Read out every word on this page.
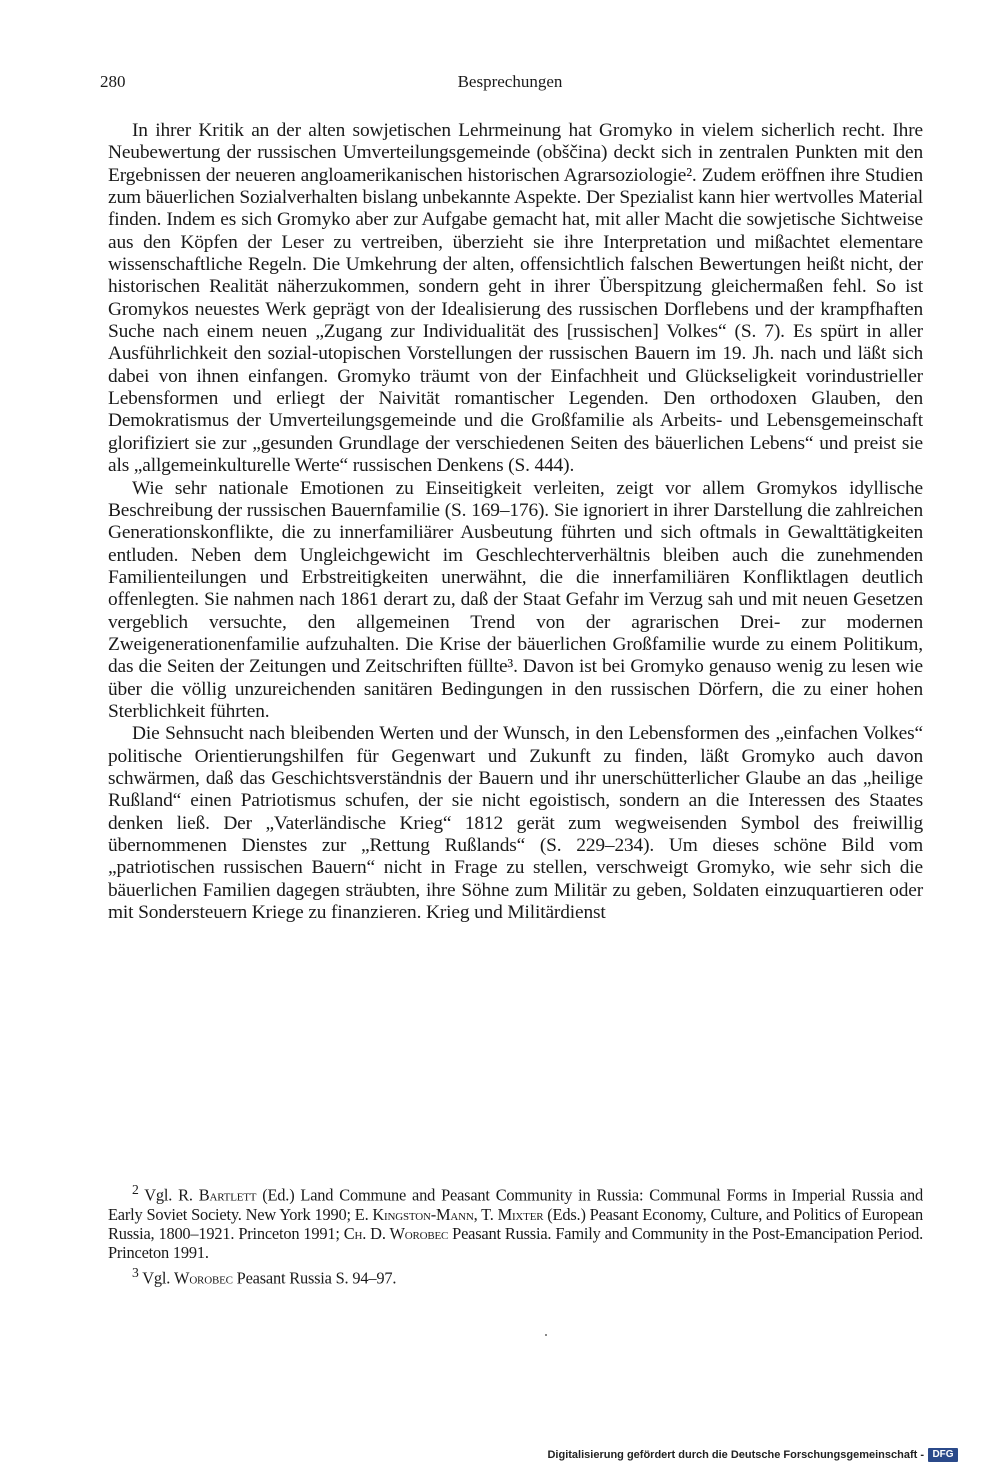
280	Besprechungen

In ihrer Kritik an der alten sowjetischen Lehrmeinung hat Gromyko in vielem sicherlich recht. Ihre Neubewertung der russischen Umverteilungsgemeinde (obščina) deckt sich in zentralen Punkten mit den Ergebnissen der neueren angloamerikanischen historischen Agrarsoziologie². Zudem eröffnen ihre Studien zum bäuerlichen Sozialverhalten bislang unbekannte Aspekte. Der Spezialist kann hier wertvolles Material finden. Indem es sich Gromyko aber zur Aufgabe gemacht hat, mit aller Macht die sowjetische Sichtweise aus den Köpfen der Leser zu vertreiben, überzieht sie ihre Interpretation und mißachtet elementare wissenschaftliche Regeln. Die Umkehrung der alten, offensichtlich falschen Bewertungen heißt nicht, der historischen Realität näherzukommen, sondern geht in ihrer Überspitzung gleichermaßen fehl. So ist Gromykos neuestes Werk geprägt von der Idealisierung des russischen Dorflebens und der krampfhaften Suche nach einem neuen „Zugang zur Individualität des [russischen] Volkes“ (S. 7). Es spürt in aller Ausführlichkeit den sozial-utopischen Vorstellungen der russischen Bauern im 19. Jh. nach und läßt sich dabei von ihnen einfangen. Gromyko träumt von der Einfachheit und Glückseligkeit vorindustrieller Lebensformen und erliegt der Naivität romantischer Legenden. Den orthodoxen Glauben, den Demokratismus der Umverteilungsgemeinde und die Großfamilie als Arbeits- und Lebensgemeinschaft glorifiziert sie zur „gesunden Grundlage der verschiedenen Seiten des bäuerlichen Lebens“ und preist sie als „allgemeinkulturelle Werte“ russischen Denkens (S. 444).

Wie sehr nationale Emotionen zu Einseitigkeit verleiten, zeigt vor allem Gromykos idyllische Beschreibung der russischen Bauernfamilie (S. 169–176). Sie ignoriert in ihrer Darstellung die zahlreichen Generationskonflikte, die zu innerfamiliärer Ausbeutung führten und sich oftmals in Gewalttätigkeiten entluden. Neben dem Ungleichgewicht im Geschlechterverhältnis bleiben auch die zunehmenden Familienteilungen und Erbstreitigkeiten unerwähnt, die die innerfamiliären Konfliktlagen deutlich offenlegten. Sie nahmen nach 1861 derart zu, daß der Staat Gefahr im Verzug sah und mit neuen Gesetzen vergeblich versuchte, den allgemeinen Trend von der agrarischen Drei- zur modernen Zweigenerationenfamilie aufzuhalten. Die Krise der bäuerlichen Großfamilie wurde zu einem Politikum, das die Seiten der Zeitungen und Zeitschriften füllte³. Davon ist bei Gromyko genauso wenig zu lesen wie über die völlig unzureichenden sanitären Bedingungen in den russischen Dörfern, die zu einer hohen Sterblichkeit führten.

Die Sehnsucht nach bleibenden Werten und der Wunsch, in den Lebensformen des „einfachen Volkes“ politische Orientierungshilfen für Gegenwart und Zukunft zu finden, läßt Gromyko auch davon schwärmen, daß das Geschichtsverständnis der Bauern und ihr unerschütterlicher Glaube an das „heilige Rußland“ einen Patriotismus schufen, der sie nicht egoistisch, sondern an die Interessen des Staates denken ließ. Der „Vaterländische Krieg“ 1812 gerät zum wegweisenden Symbol des freiwillig übernommenen Dienstes zur „Rettung Rußlands“ (S. 229–234). Um dieses schöne Bild vom „patriotischen russischen Bauern“ nicht in Frage zu stellen, verschweigt Gromyko, wie sehr sich die bäuerlichen Familien dagegen sträubten, ihre Söhne zum Militär zu geben, Soldaten einzuquartieren oder mit Sondersteuern Kriege zu finanzieren. Krieg und Militärdienst

$^2$ Vgl. R. Bartlett (Ed.) Land Commune and Peasant Community in Russia: Communal Forms in Imperial Russia and Early Soviet Society. New York 1990; E. Kingston-Mann, T. Mixter (Eds.) Peasant Economy, Culture, and Politics of European Russia, 1800–1921. Princeton 1991; Ch. D. Worobec Peasant Russia. Family and Community in the Post-Emancipation Period. Princeton 1991.

$^3$ Vgl. Worobec Peasant Russia S. 94–97.

Digitalisierung gefördert durch die Deutsche Forschungsgemeinschaft - DFG
